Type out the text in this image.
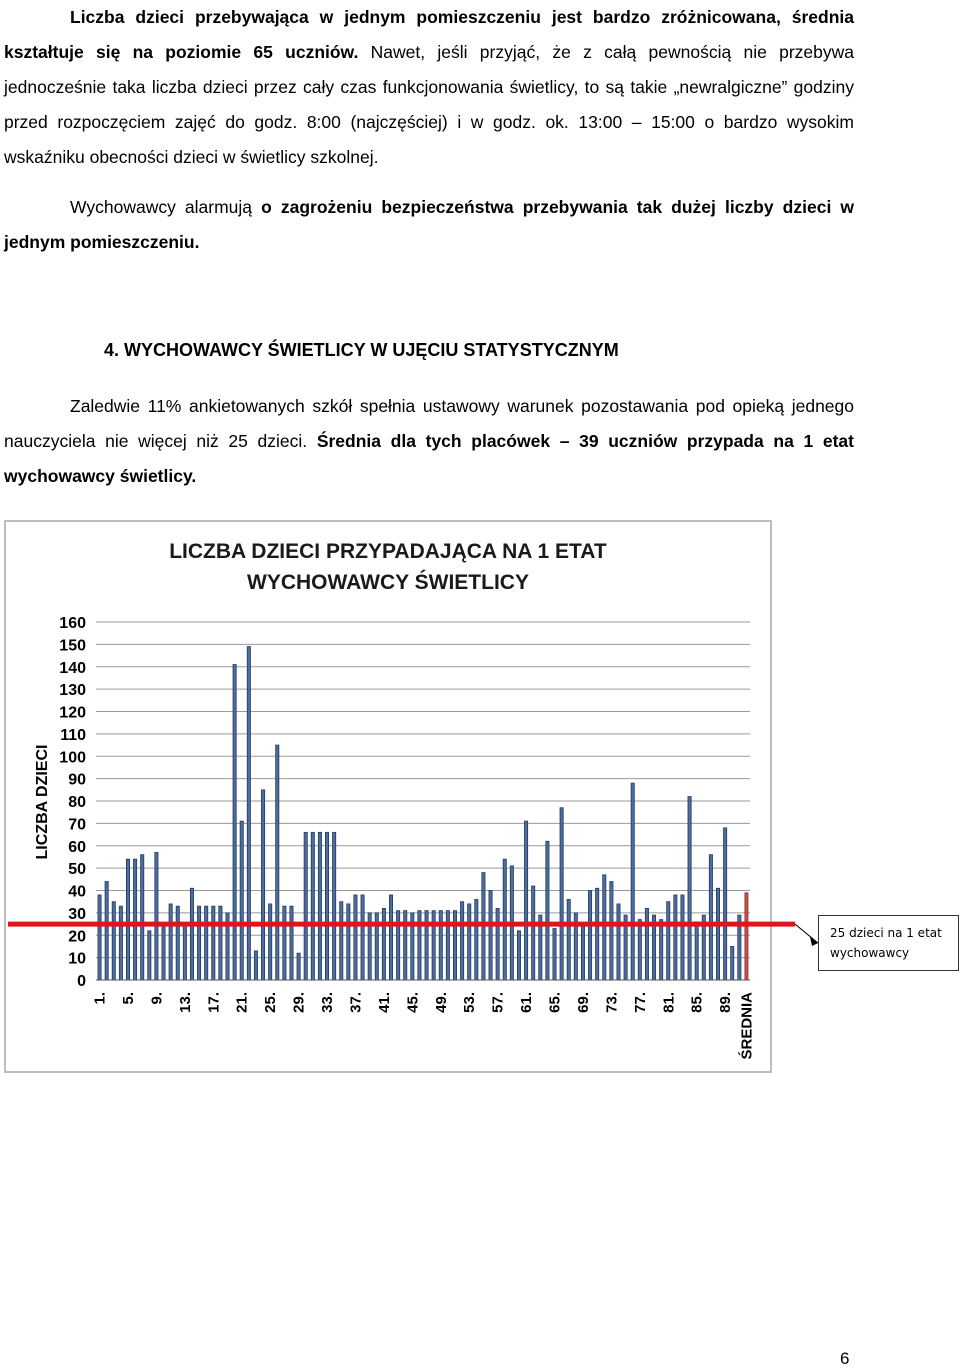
Liczba dzieci przebywająca w jednym pomieszczeniu jest bardzo zróżnicowana, średnia kształtuje się na poziomie 65 uczniów. Nawet, jeśli przyjąć, że z całą pewnością nie przebywa jednocześnie taka liczba dzieci przez cały czas funkcjonowania świetlicy, to są takie „newralgiczne” godziny przed rozpoczęciem zajęć do godz. 8:00 (najczęściej) i w godz. ok. 13:00 – 15:00 o bardzo wysokim wskaźniku obecności dzieci w świetlicy szkolnej.

Wychowawcy alarmują o zagrożeniu bezpieczeństwa przebywania tak dużej liczby dzieci w jednym pomieszczeniu.

4. WYCHOWAWCY ŚWIETLICY W UJĘCIU STATYSTYCZNYM

Zaledwie 11% ankietowanych szkół spełnia ustawowy warunek pozostawania pod opieką jednego nauczyciela nie więcej niż 25 dzieci. Średnia dla tych placówek – 39 uczniów przypada na 1 etat wychowawcy świetlicy.

LICZBA DZIECI PRZYPADAJĄCA NA 1 ETAT
WYCHOWAWCY ŚWIETLICY
0
10
20
30
40
50
60
70
80
90
100
110
120
130
140
150
160
LICZBA DZIECI
1. 5. 9. 13. 17. 21. 25. 29. 33. 37. 41. 45. 49. 53. 57. 61. 65. 69. 73. 77. 81. 85. 89. ŚREDNIA
25 dzieci na 1 etat
wychowawcy
6
